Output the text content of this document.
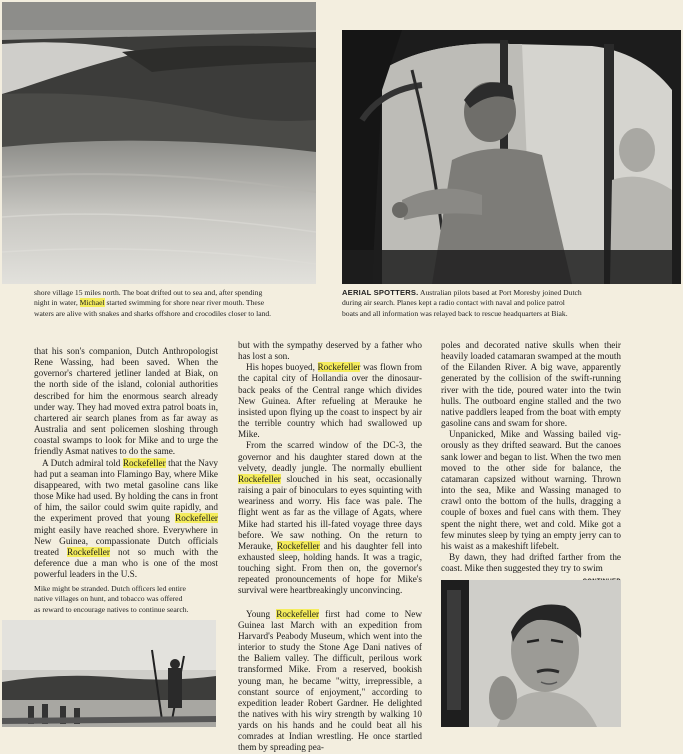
shore village 15 miles north. The boat drifted out to sea and, after spending
night in water, Michael started swimming for shore near river mouth. These
waters are alive with snakes and sharks offshore and crocodiles closer to land.
AERIAL SPOTTERS. Australian pilots based at Port Moresby joined Dutch
during air search. Planes kept a radio contact with naval and police patrol
boats and all information was relayed back to rescue headquarters at Biak.

that his son's companion, Dutch Anthropologist Rene Wassing, had been saved. When the governor's chartered jetliner landed at Biak, on the north side of the island, colonial authorities described for him the enormous search already under way. They had moved extra patrol boats in, chartered air search planes from as far away as Australia and sent policemen sloshing through coastal swamps to look for Mike and to urge the friendly Asmat natives to do the same.

A Dutch admiral told Rockefeller that the Navy had put a seaman into Flamingo Bay, where Mike disappeared, with two metal gasoline cans like those Mike had used. By holding the cans in front of him, the sailor could swim quite rapidly, and the experiment proved that young Rockefeller might easily have reached shore. Everywhere in New Guinea, compassionate Dutch officials treated Rockefeller not so much with the deference due a man who is one of the most powerful leaders in the U.S.

Mike might be stranded. Dutch officers led entire
native villages on hunt, and tobacco was offered
as reward to encourage natives to continue search.

but with the sympathy deserved by a father who has lost a son.

His hopes buoyed, Rockefeller was flown from the capital city of Hollandia over the dinosaur-back peaks of the Central range which divides New Guinea. After refueling at Merauke he insisted upon flying up the coast to inspect by air the terrible country which had swallowed up Mike.

From the scarred window of the DC-3, the governor and his daughter stared down at the velvety, deadly jungle. The normally ebullient Rockefeller slouched in his seat, occasionally raising a pair of binoculars to eyes squinting with weariness and worry. His face was pale. The flight went as far as the village of Agats, where Mike had started his ill-fated voyage three days before. We saw nothing. On the return to Merauke, Rockefeller and his daughter fell into exhausted sleep, holding hands. It was a tragic, touching sight. From then on, the governor's repeated pronouncements of hope for Mike's survival were heartbreakingly unconvincing.

Young Rockefeller first had come to New Guinea last March with an expedition from Harvard's Peabody Museum, which went into the interior to study the Stone Age Dani natives of the Baliem valley. The difficult, perilous work transformed Mike. From a reserved, bookish young man, he became "witty, irrepressible, a constant source of enjoyment," according to expedition leader Robert Gardner. He delighted the natives with his wiry strength by walking 10 yards on his hands and he could beat all his comrades at Indian wrestling. He once startled them by spreading pea-

poles and decorated native skulls when their heavily loaded catamaran swamped at the mouth of the Eilanden River. A big wave, apparently generated by the collision of the swift-running river with the tide, poured water into the twin hulls. The outboard engine stalled and the two native paddlers leaped from the boat with empty gasoline cans and swam for shore.

Unpanicked, Mike and Wassing bailed vigorously as they drifted seaward. But the canoes sank lower and began to list. When the two men moved to the other side for balance, the catamaran capsized without warning. Thrown into the sea, Mike and Wassing managed to crawl onto the bottom of the hulls, dragging a couple of boxes and fuel cans with them. They spent the night there, wet and cold. Mike got a few minutes sleep by tying an empty jerry can to his waist as a makeshift lifebelt.

By dawn, they had drifted farther from the coast. Mike then suggested they try to swim
